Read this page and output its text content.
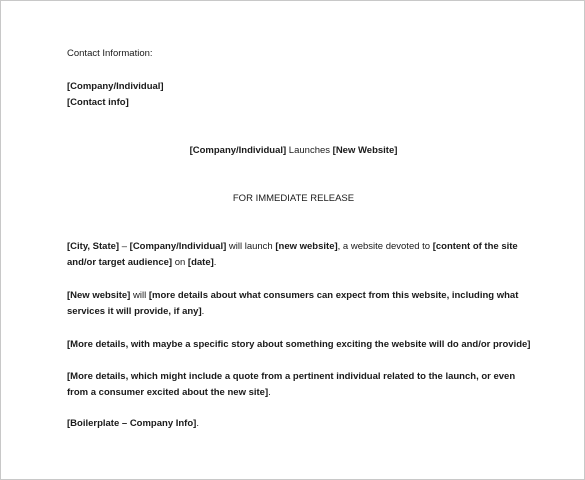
Contact Information:
[Company/Individual]
[Contact info]
[Company/Individual] Launches [New Website]
FOR IMMEDIATE RELEASE
[City, State] – [Company/Individual] will launch [new website], a website devoted to [content of the site
and/or target audience] on [date].
[New website] will [more details about what consumers can expect from this website, including what
services it will provide, if any].
[More details, with maybe a specific story about something exciting the website will do and/or provide]
[More details, which might include a quote from a pertinent individual related to the launch, or even
from a consumer excited about the new site].
[Boilerplate – Company Info].
